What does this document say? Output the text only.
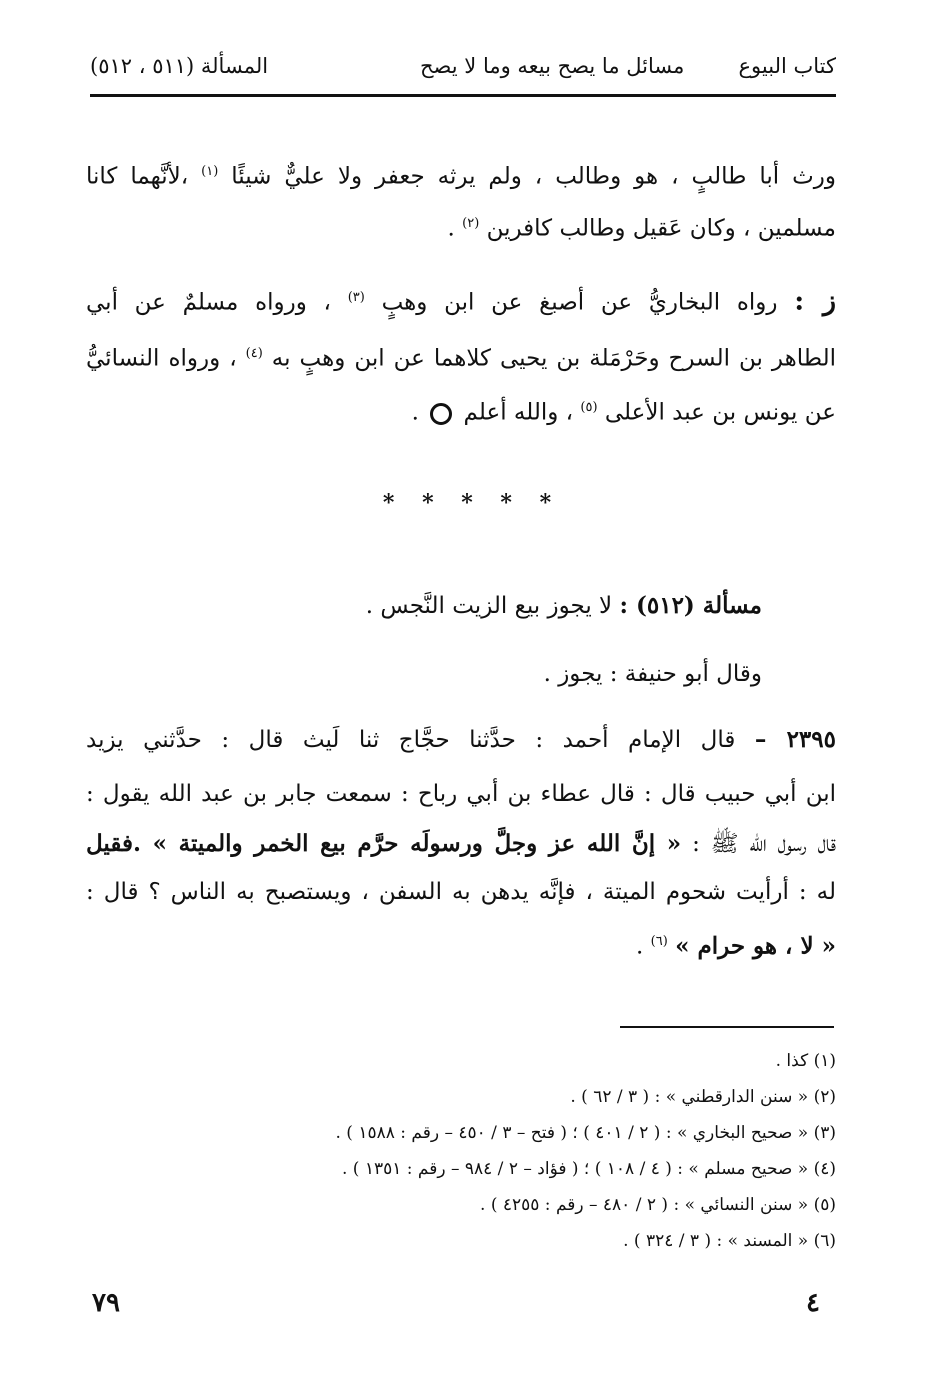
كتاب البيوع
مسائل ما يصح بيعه وما لا يصح
المسألة (٥١١ ، ٥١٢)
ورث أبا طالبٍ ، هو وطالب ، ولم يرثه جعفر ولا عليٌّ شيئًا $^{(١)}$ ،لأنَّهما كانا
مسلمين ، وكان عَقيل وطالب كافرين $^{(٢)}$ .
ز : رواه البخاريُّ عن أصبغ عن ابن وهبٍ $^{(٣)}$ ، ورواه مسلمٌ عن أبي
الطاهر بن السرح وحَرْمَلة بن يحيى كلاهما عن ابن وهبٍ به $^{(٤)}$ ، ورواه النسائيُّ
عن يونس بن عبد الأعلى $^{(٥)}$ ، والله أعلم  .
* * * * *
مسألة (٥١٢) : لا يجوز بيع الزيت النَّجس .
وقال أبو حنيفة : يجوز .
٢٣٩٥ – قال الإمام أحمد : حدَّثنا حجَّاج ثنا لَيث قال : حدَّثني يزيد
ابن أبي حبيب قال : قال عطاء بن أبي رباح : سمعت جابر بن عبد الله يقول :
قال رسول الله ﷺ : « إنَّ الله عز وجلَّ ورسولَه حرَّم بيع الخمر والميتة » .فقيل
له : أرأيت شحوم الميتة ، فإنَّه يدهن به السفن ، ويستصبح به الناس ؟ قال :
« لا ، هو حرام » $^{(٦)}$ .
(١) كذا .
(٢) « سنن الدارقطني » : ( ٣ / ٦٢ ) .
(٣) « صحيح البخاري » : ( ٢ / ٤٠١ ) ؛ ( فتح – ٣ / ٤٥٠ – رقم : ١٥٨٨ ) .
(٤) « صحيح مسلم » : ( ٤ / ١٠٨ ) ؛ ( فؤاد – ٢ / ٩٨٤ – رقم : ١٣٥١ ) .
(٥) « سنن النسائي » : ( ٢ / ٤٨٠ – رقم : ٤٢٥٥ ) .
(٦) « المسند » : ( ٣ / ٣٢٤ ) .
٧٩	٤
